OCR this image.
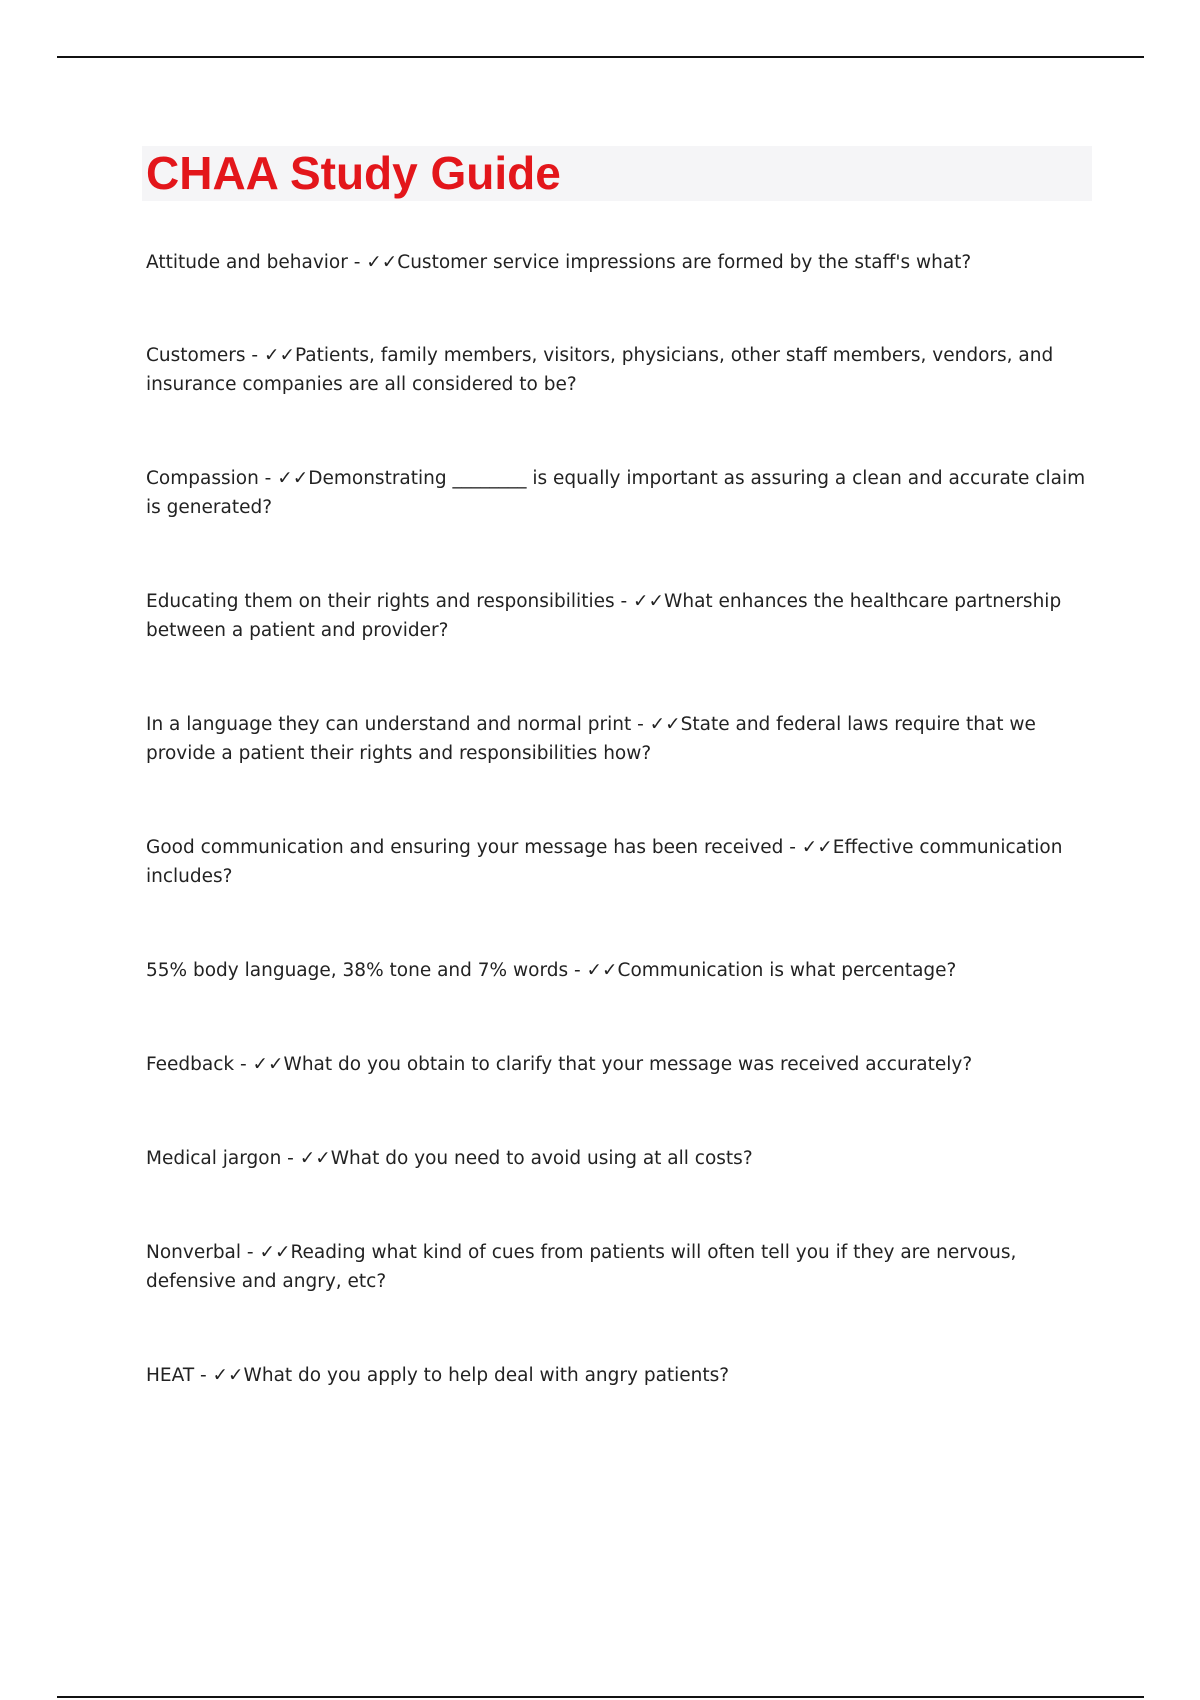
CHAA Study Guide

Attitude and behavior - ✓✓Customer service impressions are formed by the staff's what?

Customers - ✓✓Patients, family members, visitors, physicians, other staff members, vendors, and insurance companies are all considered to be?

Compassion - ✓✓Demonstrating ________ is equally important as assuring a clean and accurate claim is generated?

Educating them on their rights and responsibilities - ✓✓What enhances the healthcare partnership between a patient and provider?

In a language they can understand and normal print - ✓✓State and federal laws require that we provide a patient their rights and responsibilities how?

Good communication and ensuring your message has been received - ✓✓Effective communication includes?

55% body language, 38% tone and 7% words - ✓✓Communication is what percentage?

Feedback - ✓✓What do you obtain to clarify that your message was received accurately?

Medical jargon - ✓✓What do you need to avoid using at all costs?

Nonverbal - ✓✓Reading what kind of cues from patients will often tell you if they are nervous, defensive and angry, etc?

HEAT - ✓✓What do you apply to help deal with angry patients?
